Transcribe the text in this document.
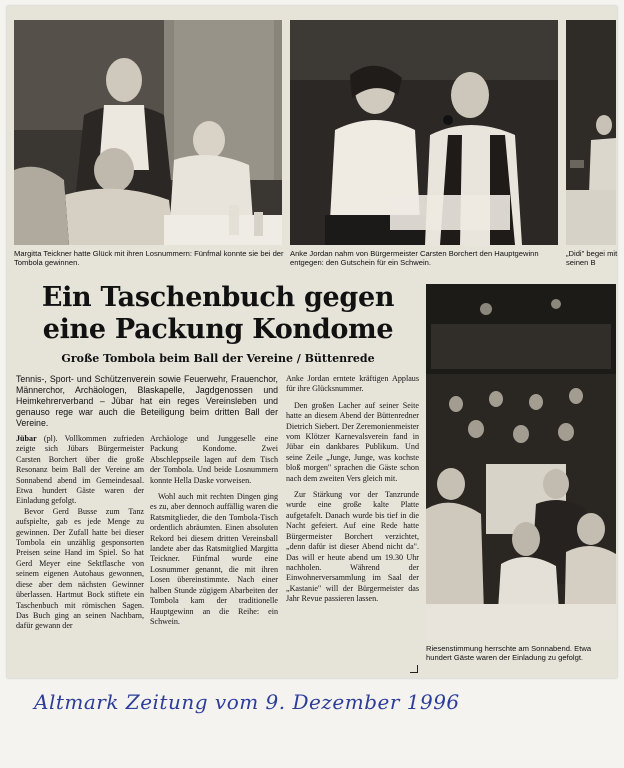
Margitta Teickner hatte Glück mit ihren Losnummern: Fünfmal konnte sie bei der Tombola gewinnen.
Anke Jordan nahm von Bürgermeister Carsten Borchert den Hauptgewinn entgegen: den Gutschein für ein Schwein.
„Didi" begei mit seinen B
Ein Taschenbuch gegen
eine Packung Kondome
Große Tombola beim Ball der Vereine / Büttenrede
Tennis-, Sport- und Schützenverein sowie Feuerwehr, Frauenchor, Männerchor, Archäologen, Blaskapelle, Jagdgenossen und Heimkehrerverband – Jübar hat ein reges Vereinsleben und genauso rege war auch die Beteiligung beim dritten Ball der Vereine.

Jübar (pl). Vollkommen zufrieden zeigte sich Jübars Bürgermeister Carsten Borchert über die große Resonanz beim Ball der Vereine am Sonnabend abend im Gemeindesaal. Etwa hundert Gäste waren der Einladung gefolgt.

Bevor Gerd Busse zum Tanz aufspielte, gab es jede Menge zu gewinnen. Der Zufall hatte bei dieser Tombola ein unzählig gesponsorten Preisen seine Hand im Spiel. So hat Gerd Meyer eine Sektflasche von seinem eigenen Autohaus gewonnen, diese aber dem nächsten Gewinner überlassen. Hartmut Bock stiftete ein Taschenbuch mit römischen Sagen. Das Buch ging an seinen Nachbarn, dafür gewann der

Archäologe und Junggeselle eine Packung Kondome. Zwei Abschleppseile lagen auf dem Tisch der Tombola. Und beide Losnummern konnte Hella Daske vorweisen.

Wohl auch mit rechten Dingen ging es zu, aber dennoch auffällig waren die Ratsmitglieder, die den Tombola-Tisch ordentlich abräumten. Einen absoluten Rekord bei diesem dritten Vereinsball landete aber das Ratsmitglied Margitta Teickner. Fünfmal wurde eine Losnummer genannt, die mit ihren Losen übereinstimmte. Nach einer halben Stunde zügigem Abarbeiten der Tombola kam der traditionelle Hauptgewinn an die Reihe: ein Schwein.

Anke Jordan erntete kräftigen Applaus für ihre Glücksnummer.

Den großen Lacher auf seiner Seite hatte an diesem Abend der Büttenredner Dietrich Siebert. Der Zeremonienmeister vom Klötzer Karnevalsverein fand in Jübar ein dankbares Publikum. Und seine Zeile „Junge, Junge, was kochste bloß morgen" sprachen die Gäste schon nach dem zweiten Vers gleich mit.

Zur Stärkung vor der Tanzrunde wurde eine große kalte Platte aufgetafelt. Danach wurde bis tief in die Nacht gefeiert. Auf eine Rede hatte Bürgermeister Borchert verzichtet, „denn dafür ist dieser Abend nicht da". Das will er heute abend um 19.30 Uhr nachholen. Während der Einwohnerversammlung im Saal der „Kastanie" will der Bürgermeister das Jahr Revue passieren lassen.

Riesenstimmung herrschte am Sonnabend. Etwa hundert Gäste waren der Einladung zu gefolgt.
Altmark Zeitung vom 9. Dezember 1996
